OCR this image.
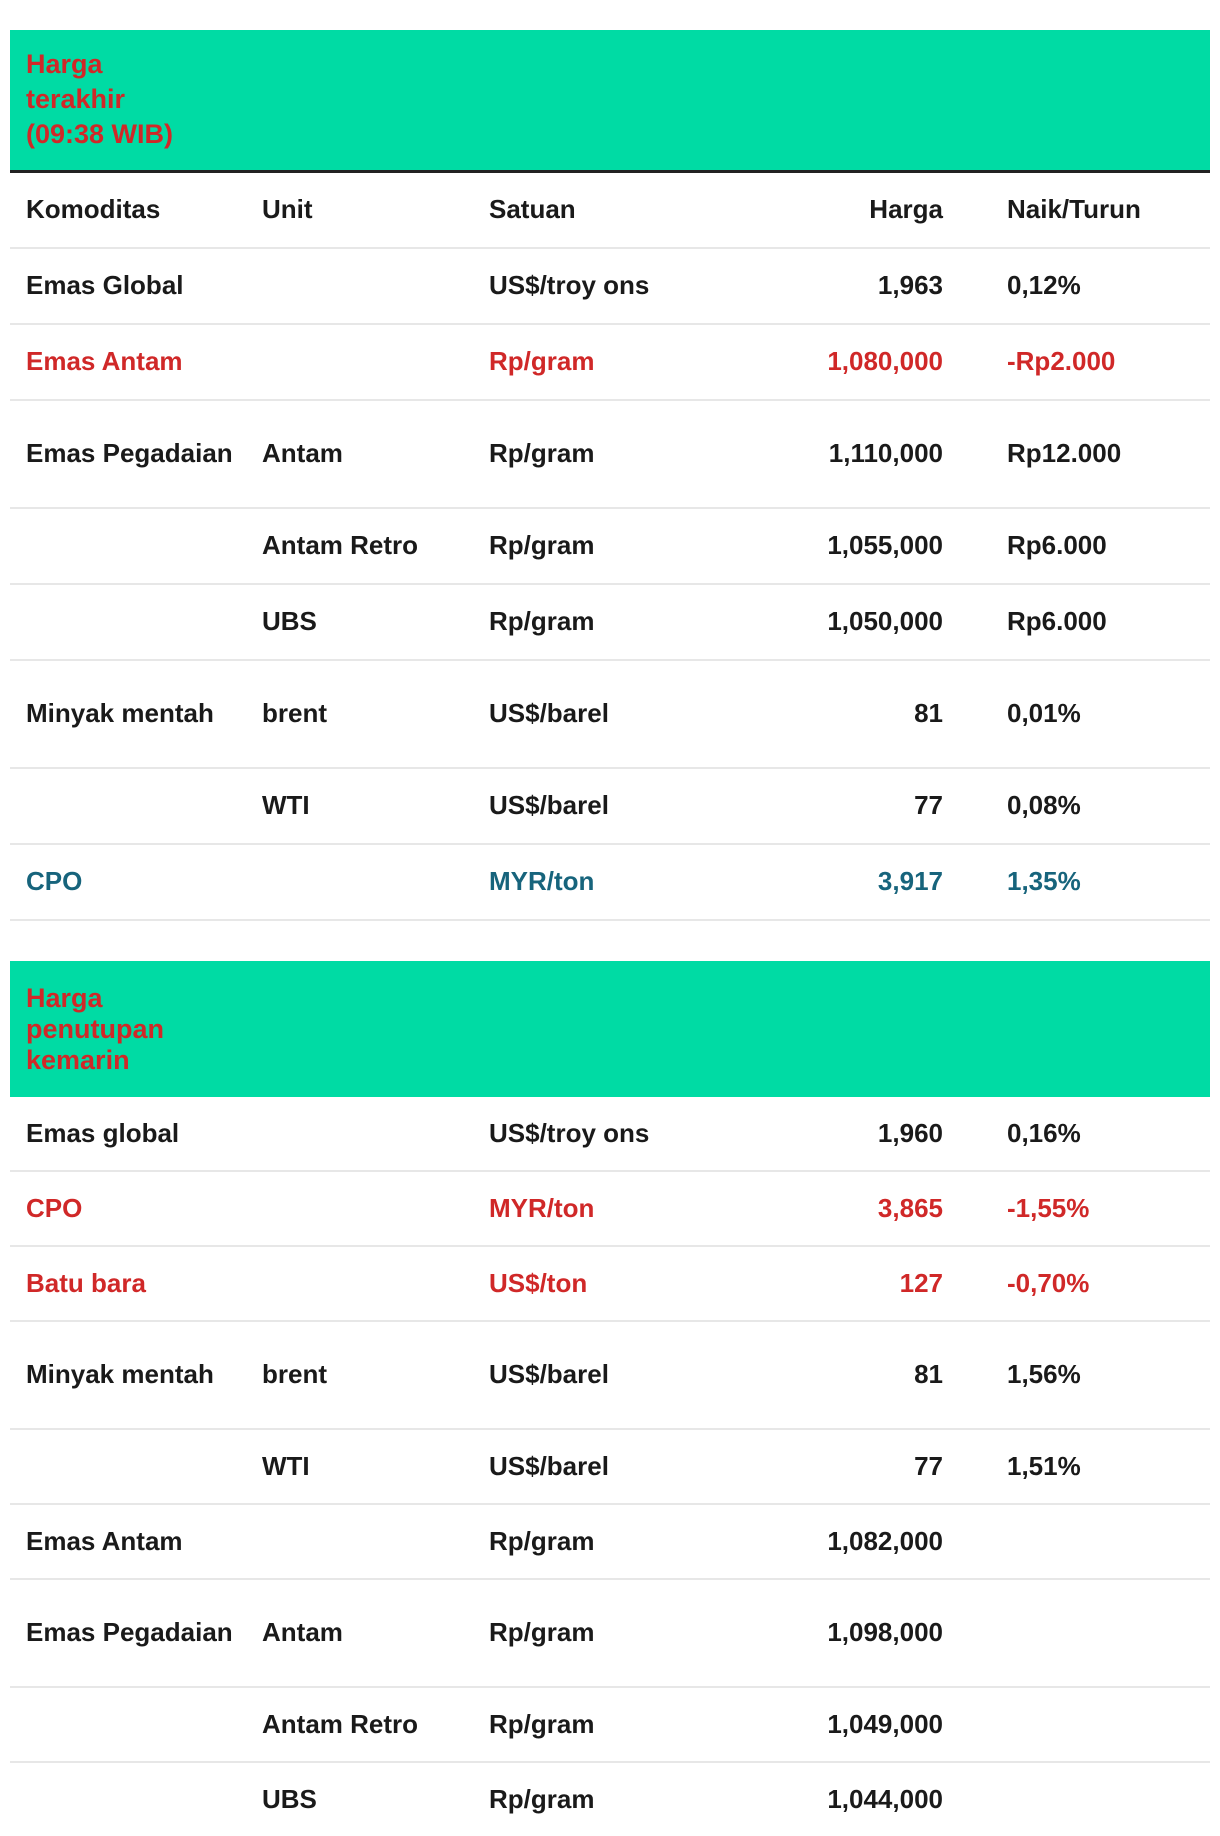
Harga
terakhir
(09:38 WIB)				
Komoditas	Unit	Satuan	Harga	Naik/Turun
Emas Global		US$/troy ons	1,963	0,12%
Emas Antam		Rp/gram	1,080,000	-Rp2.000
Emas Pegadaian	Antam	Rp/gram	1,110,000	Rp12.000
	Antam Retro	Rp/gram	1,055,000	Rp6.000
	UBS	Rp/gram	1,050,000	Rp6.000
Minyak mentah	brent	US$/barel	81	0,01%
	WTI	US$/barel	77	0,08%
CPO		MYR/ton	3,917	1,35%

Harga
penutupan
kemarin				
Emas global		US$/troy ons	1,960	0,16%
CPO		MYR/ton	3,865	-1,55%
Batu bara		US$/ton	127	-0,70%
Minyak mentah	brent	US$/barel	81	1,56%
	WTI	US$/barel	77	1,51%
Emas Antam		Rp/gram	1,082,000	
Emas Pegadaian	Antam	Rp/gram	1,098,000	
	Antam Retro	Rp/gram	1,049,000	
	UBS	Rp/gram	1,044,000	
